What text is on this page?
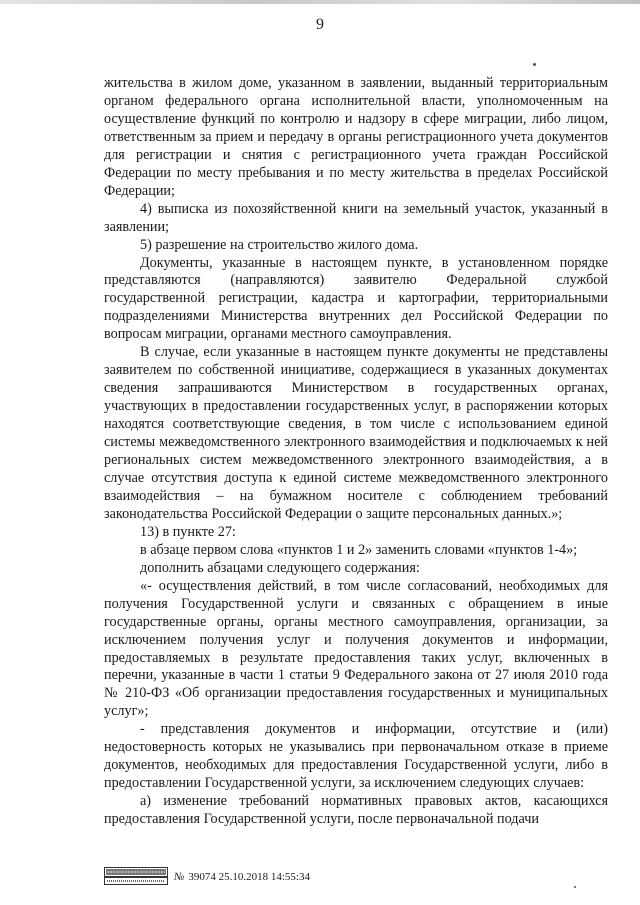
9

жительства в жилом доме, указанном в заявлении, выданный территориальным органом федерального органа исполнительной власти, уполномоченным на осуществление функций по контролю и надзору в сфере миграции, либо лицом, ответственным за прием и передачу в органы регистрационного учета документов для регистрации и снятия с регистрационного учета граждан Российской Федерации по месту пребывания и по месту жительства в пределах Российской Федерации;

4) выписка из похозяйственной книги на земельный участок, указанный в заявлении;

5) разрешение на строительство жилого дома.

Документы, указанные в настоящем пункте, в установленном порядке представляются (направляются) заявителю Федеральной службой государственной регистрации, кадастра и картографии, территориальными подразделениями Министерства внутренних дел Российской Федерации по вопросам миграции, органами местного самоуправления.

В случае, если указанные в настоящем пункте документы не представлены заявителем по собственной инициативе, содержащиеся в указанных документах сведения запрашиваются Министерством в государственных органах, участвующих в предоставлении государственных услуг, в распоряжении которых находятся соответствующие сведения, в том числе с использованием единой системы межведомственного электронного взаимодействия и подключаемых к ней региональных систем межведомственного электронного взаимодействия, а в случае отсутствия доступа к единой системе межведомственного электронного взаимодействия – на бумажном носителе с соблюдением требований законодательства Российской Федерации о защите персональных данных.»;

13) в пункте 27:

в абзаце первом слова «пунктов 1 и 2» заменить словами «пунктов 1-4»;

дополнить абзацами следующего содержания:

«- осуществления действий, в том числе согласований, необходимых для получения Государственной услуги и связанных с обращением в иные государственные органы, органы местного самоуправления, организации, за исключением получения услуг и получения документов и информации, предоставляемых в результате предоставления таких услуг, включенных в перечни, указанные в части 1 статьи 9 Федерального закона от 27 июля 2010 года № 210-ФЗ «Об организации предоставления государственных и муниципальных услуг»;

- представления документов и информации, отсутствие и (или) недостоверность которых не указывались при первоначальном отказе в приеме документов, необходимых для предоставления Государственной услуги, либо в предоставлении Государственной услуги, за исключением следующих случаев:

а) изменение требований нормативных правовых актов, касающихся предоставления Государственной услуги, после первоначальной подачи

№ 39074 25.10.2018 14:55:34
